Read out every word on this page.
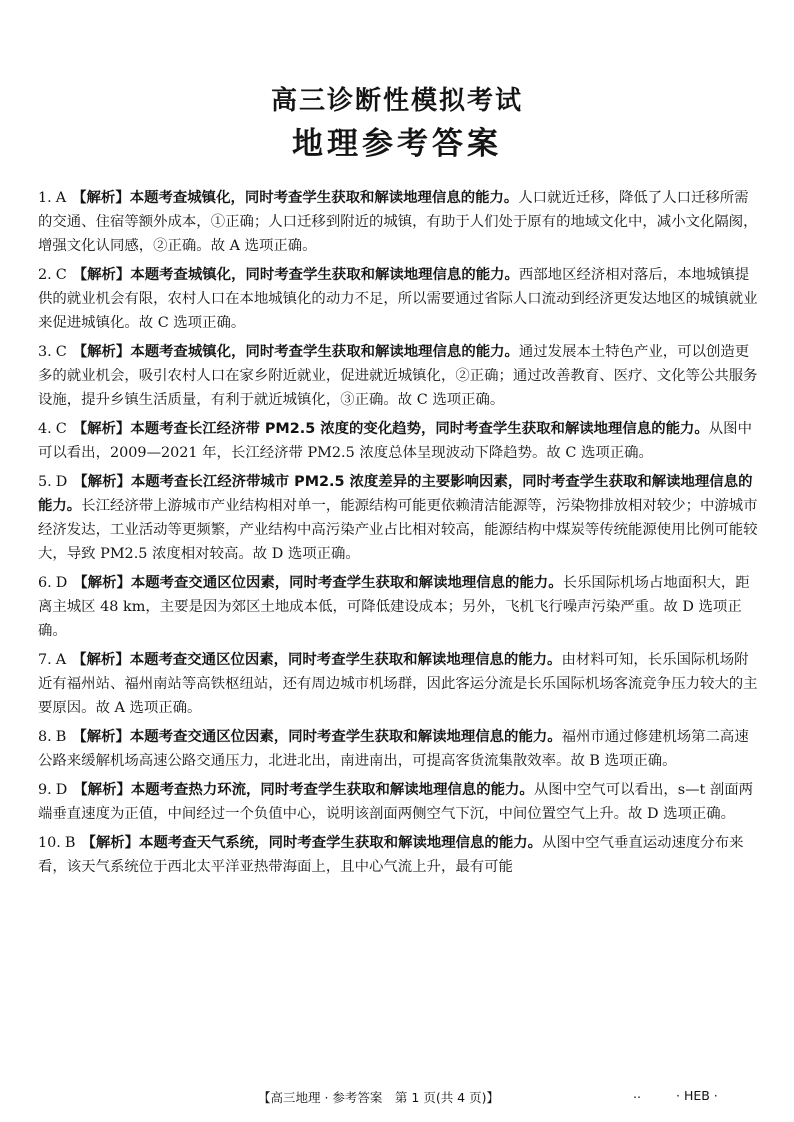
高三诊断性模拟考试
地理参考答案
1. A 【解析】本题考查城镇化，同时考查学生获取和解读地理信息的能力。人口就近迁移，降低了人口迁移所需的交通、住宿等额外成本，①正确；人口迁移到附近的城镇，有助于人们处于原有的地域文化中，减小文化隔阂，增强文化认同感，②正确。故 A 选项正确。
2. C 【解析】本题考查城镇化，同时考查学生获取和解读地理信息的能力。西部地区经济相对落后，本地城镇提供的就业机会有限，农村人口在本地城镇化的动力不足，所以需要通过省际人口流动到经济更发达地区的城镇就业来促进城镇化。故 C 选项正确。
3. C 【解析】本题考查城镇化，同时考查学生获取和解读地理信息的能力。通过发展本土特色产业，可以创造更多的就业机会，吸引农村人口在家乡附近就业，促进就近城镇化，②正确；通过改善教育、医疗、文化等公共服务设施，提升乡镇生活质量，有利于就近城镇化，③正确。故 C 选项正确。
4. C 【解析】本题考查长江经济带 PM2.5 浓度的变化趋势，同时考查学生获取和解读地理信息的能力。从图中可以看出，2009—2021 年，长江经济带 PM2.5 浓度总体呈现波动下降趋势。故 C 选项正确。
5. D 【解析】本题考查长江经济带城市 PM2.5 浓度差异的主要影响因素，同时考查学生获取和解读地理信息的能力。长江经济带上游城市产业结构相对单一，能源结构可能更依赖清洁能源等，污染物排放相对较少；中游城市经济发达，工业活动等更频繁，产业结构中高污染产业占比相对较高，能源结构中煤炭等传统能源使用比例可能较大，导致 PM2.5 浓度相对较高。故 D 选项正确。
6. D 【解析】本题考查交通区位因素，同时考查学生获取和解读地理信息的能力。长乐国际机场占地面积大，距离主城区 48 km，主要是因为郊区土地成本低，可降低建设成本；另外，飞机飞行噪声污染严重。故 D 选项正确。
7. A 【解析】本题考查交通区位因素，同时考查学生获取和解读地理信息的能力。由材料可知，长乐国际机场附近有福州站、福州南站等高铁枢纽站，还有周边城市机场群，因此客运分流是长乐国际机场客流竞争压力较大的主要原因。故 A 选项正确。
8. B 【解析】本题考查交通区位因素，同时考查学生获取和解读地理信息的能力。福州市通过修建机场第二高速公路来缓解机场高速公路交通压力，北进北出，南进南出，可提高客货流集散效率。故 B 选项正确。
9. D 【解析】本题考查热力环流，同时考查学生获取和解读地理信息的能力。从图中空气可以看出，s—t 剖面两端垂直速度为正值，中间经过一个负值中心，说明该剖面两侧空气下沉，中间位置空气上升。故 D 选项正确。
10. B 【解析】本题考查天气系统，同时考查学生获取和解读地理信息的能力。从图中空气垂直运动速度分布来看，该天气系统位于西北太平洋亚热带海面上，且中心气流上升，最有可能
【高三地理 · 参考答案　第 1 页(共 4 页)】	..	· HEB ·
